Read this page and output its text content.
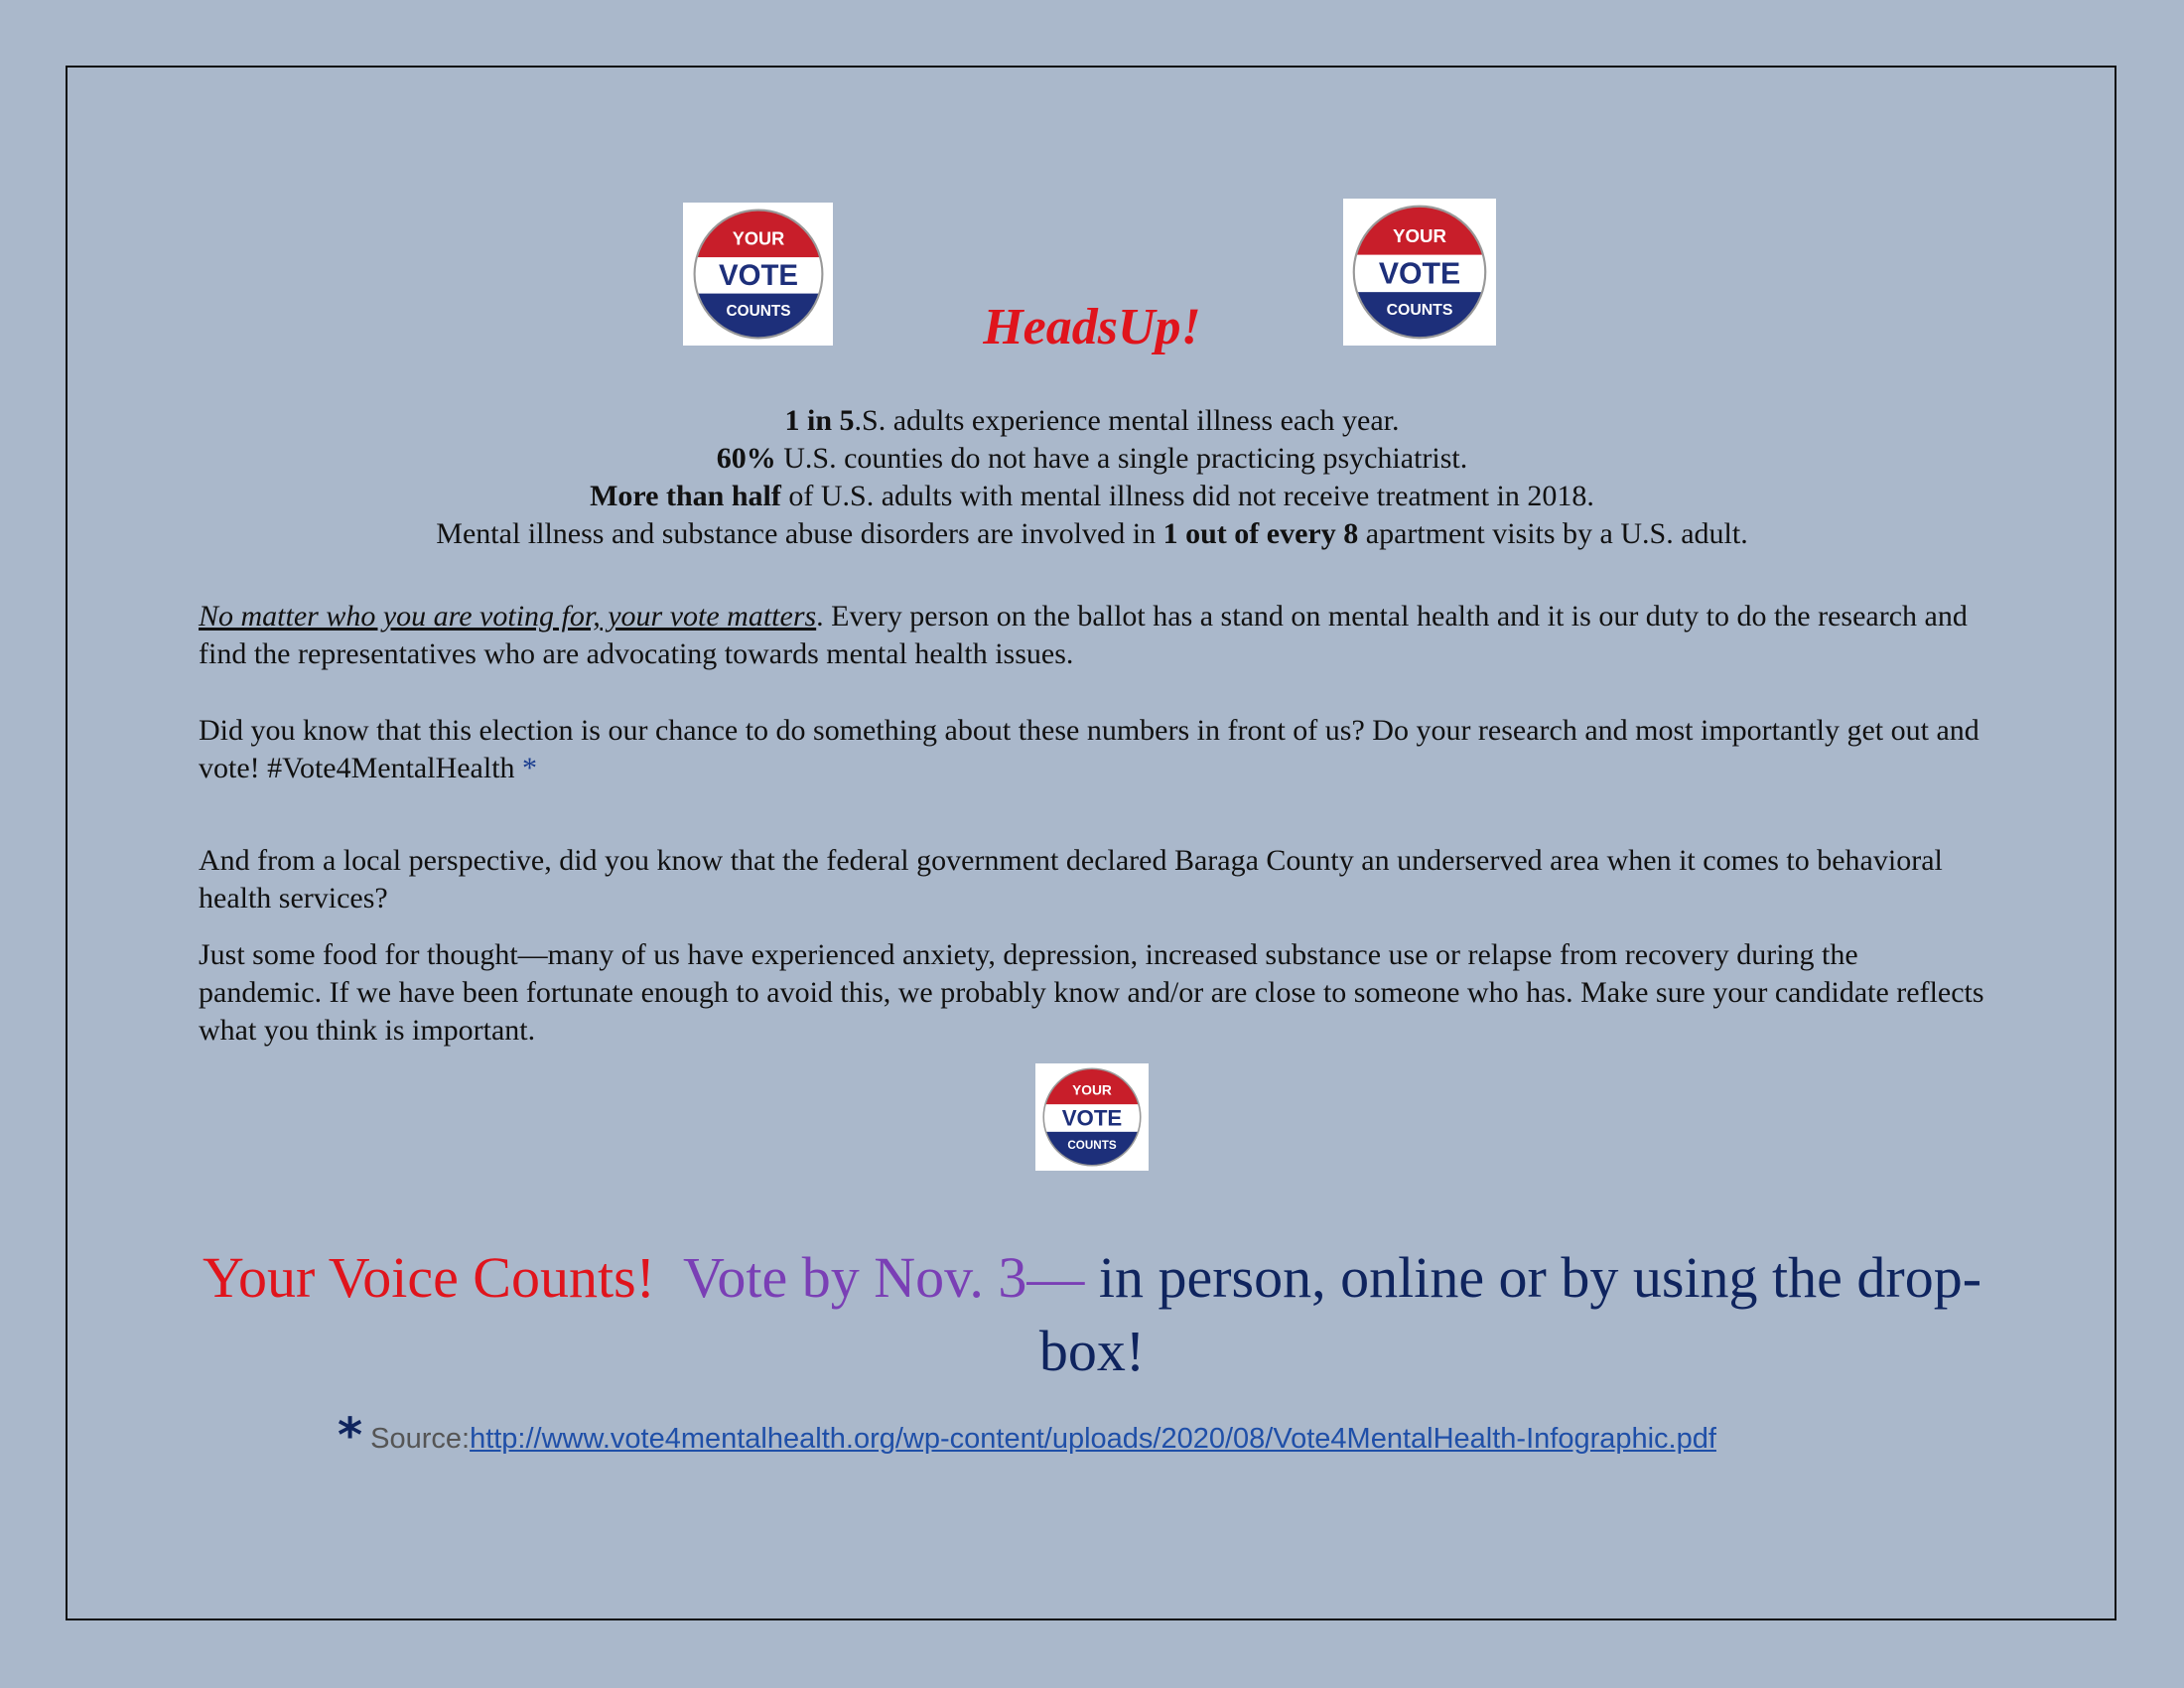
YOUR
VOTE
COUNTS
YOUR
VOTE
COUNTS
HeadsUp!
1 in 5.S. adults experience mental illness each year.
60% U.S. counties do not have a single practicing psychiatrist.
More than half of U.S. adults with mental illness did not receive treatment in 2018.
Mental illness and substance abuse disorders are involved in 1 out of every 8 apartment visits by a U.S. adult.
No matter who you are voting for, your vote matters. Every person on the ballot has a stand on mental health and it is our duty to do the research and find the representatives who are advocating towards mental health issues.
Did you know that this election is our chance to do something about these numbers in front of us? Do your research and most importantly get out and vote! #Vote4MentalHealth *
And from a local perspective, did you know that the federal government declared Baraga County an underserved area when it comes to behavioral health services?
Just some food for thought—many of us have experienced anxiety, depression, increased substance use or relapse from recovery during the pandemic. If we have been fortunate enough to avoid this, we probably know and/or are close to someone who has. Make sure your candidate reflects what you think is important.
YOUR
VOTE
COUNTS
Your Voice Counts!  Vote by Nov. 3— in person, online or by using the drop-box!
* Source:http://www.vote4mentalhealth.org/wp-content/uploads/2020/08/Vote4MentalHealth-Infographic.pdf
